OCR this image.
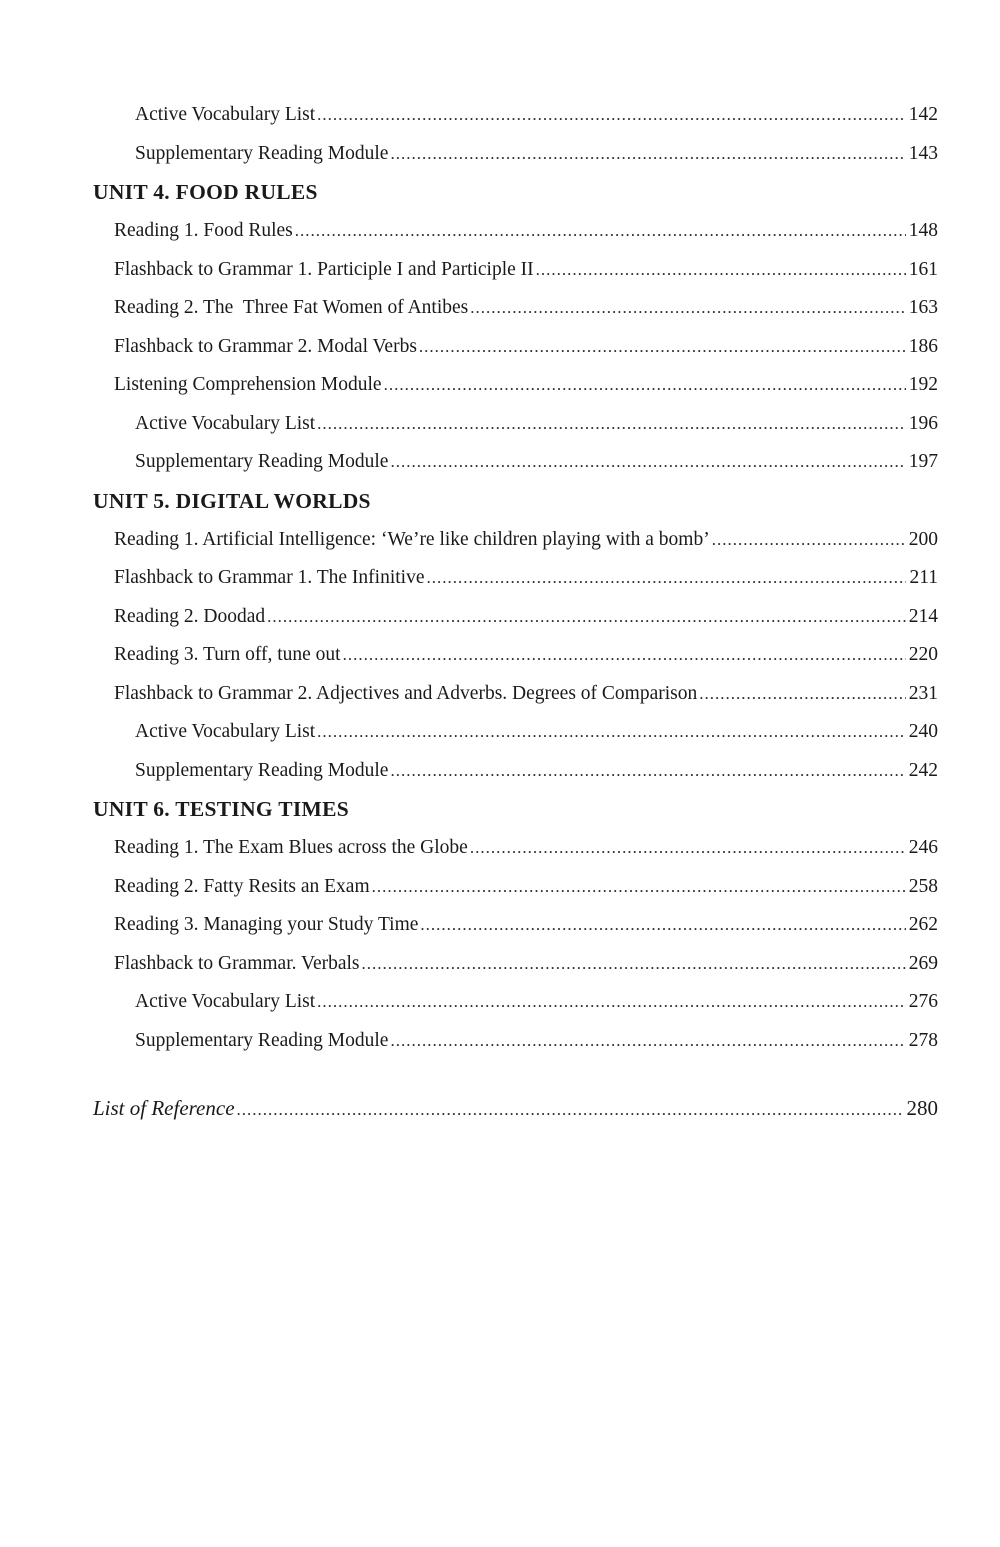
Active Vocabulary List .....	142
Supplementary Reading Module .....	143
UNIT 4. FOOD RULES
Reading 1. Food Rules .....	148
Flashback to Grammar 1. Participle I and Participle II .....	161
Reading 2. The  Three Fat Women of Antibes .....	163
Flashback to Grammar 2. Modal Verbs .....	186
Listening Comprehension Module .....	192
Active Vocabulary List .....	196
Supplementary Reading Module .....	197
UNIT 5. DIGITAL WORLDS
Reading 1. Artificial Intelligence: ‘We’re like children playing with a bomb’ .....	200
Flashback to Grammar 1. The Infinitive .....	211
Reading 2. Doodad .....	214
Reading 3. Turn off, tune out .....	220
Flashback to Grammar 2. Adjectives and Adverbs. Degrees of Comparison .....	231
Active Vocabulary List .....	240
Supplementary Reading Module .....	242
UNIT 6. TESTING TIMES
Reading 1. The Exam Blues across the Globe .....	246
Reading 2. Fatty Resits an Exam .....	258
Reading 3. Managing your Study Time .....	262
Flashback to Grammar. Verbals .....	269
Active Vocabulary List .....	276
Supplementary Reading Module .....	278
List of Reference .....	280
